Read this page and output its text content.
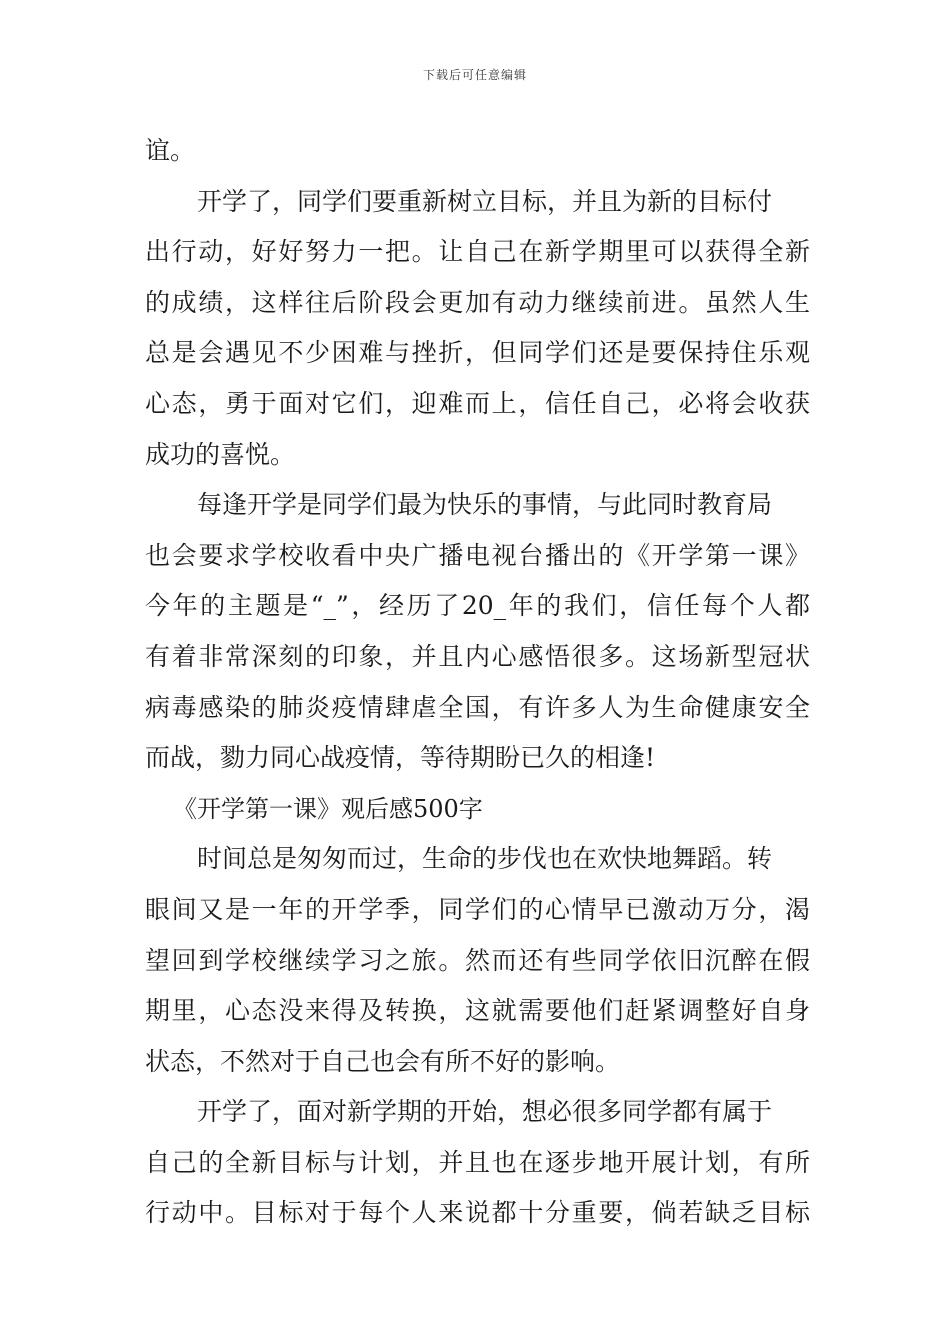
下载后可任意编辑
谊。
开学了，同学们要重新树立目标，并且为新的目标付
出行动，好好努力一把。让自己在新学期里可以获得全新
的成绩，这样往后阶段会更加有动力继续前进。虽然人生
总是会遇见不少困难与挫折，但同学们还是要保持住乐观
心态，勇于面对它们，迎难而上，信任自己，必将会收获
成功的喜悦。
每逢开学是同学们最为快乐的事情，与此同时教育局
也会要求学校收看中央广播电视台播出的《开学第一课》
今年的主题是“_”，经历了20_年的我们，信任每个人都
有着非常深刻的印象，并且内心感悟很多。这场新型冠状
病毒感染的肺炎疫情肆虐全国，有许多人为生命健康安全
而战，勠力同心战疫情，等待期盼已久的相逢!
《开学第一课》观后感500字
时间总是匆匆而过，生命的步伐也在欢快地舞蹈。转
眼间又是一年的开学季，同学们的心情早已激动万分，渴
望回到学校继续学习之旅。然而还有些同学依旧沉醉在假
期里，心态没来得及转换，这就需要他们赶紧调整好自身
状态，不然对于自己也会有所不好的影响。
开学了，面对新学期的开始，想必很多同学都有属于
自己的全新目标与计划，并且也在逐步地开展计划，有所
行动中。目标对于每个人来说都十分重要，倘若缺乏目标
